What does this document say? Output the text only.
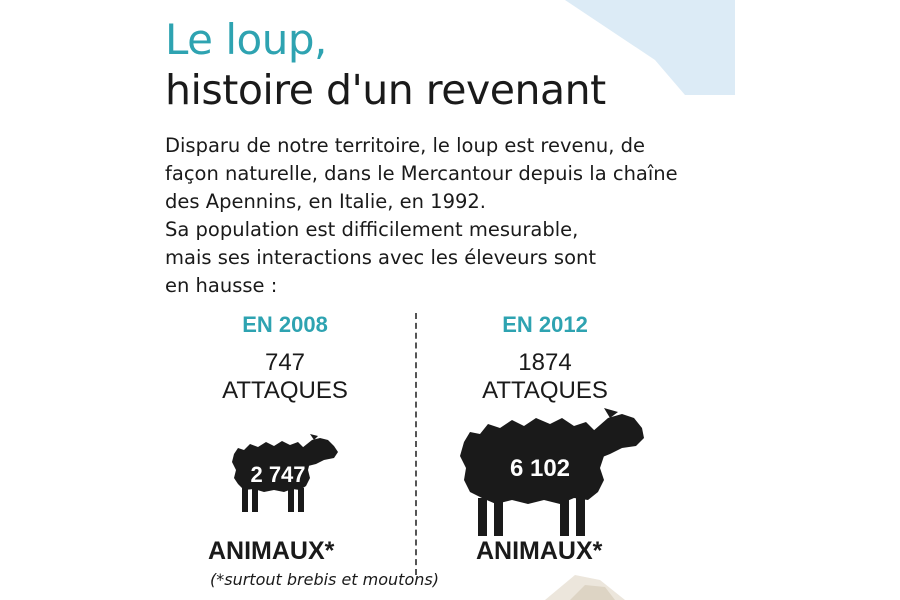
Le loup,
histoire d'un revenant
Disparu de notre territoire, le loup est revenu, de
façon naturelle, dans le Mercantour depuis la chaîne
des Apennins, en Italie, en 1992.
Sa population est difficilement mesurable,
mais ses interactions avec les éleveurs sont
en hausse :
EN 2008
747
ATTAQUES
2 747
ANIMAUX*
EN 2012
1874
ATTAQUES
6 102
ANIMAUX*
(*surtout brebis et moutons)
